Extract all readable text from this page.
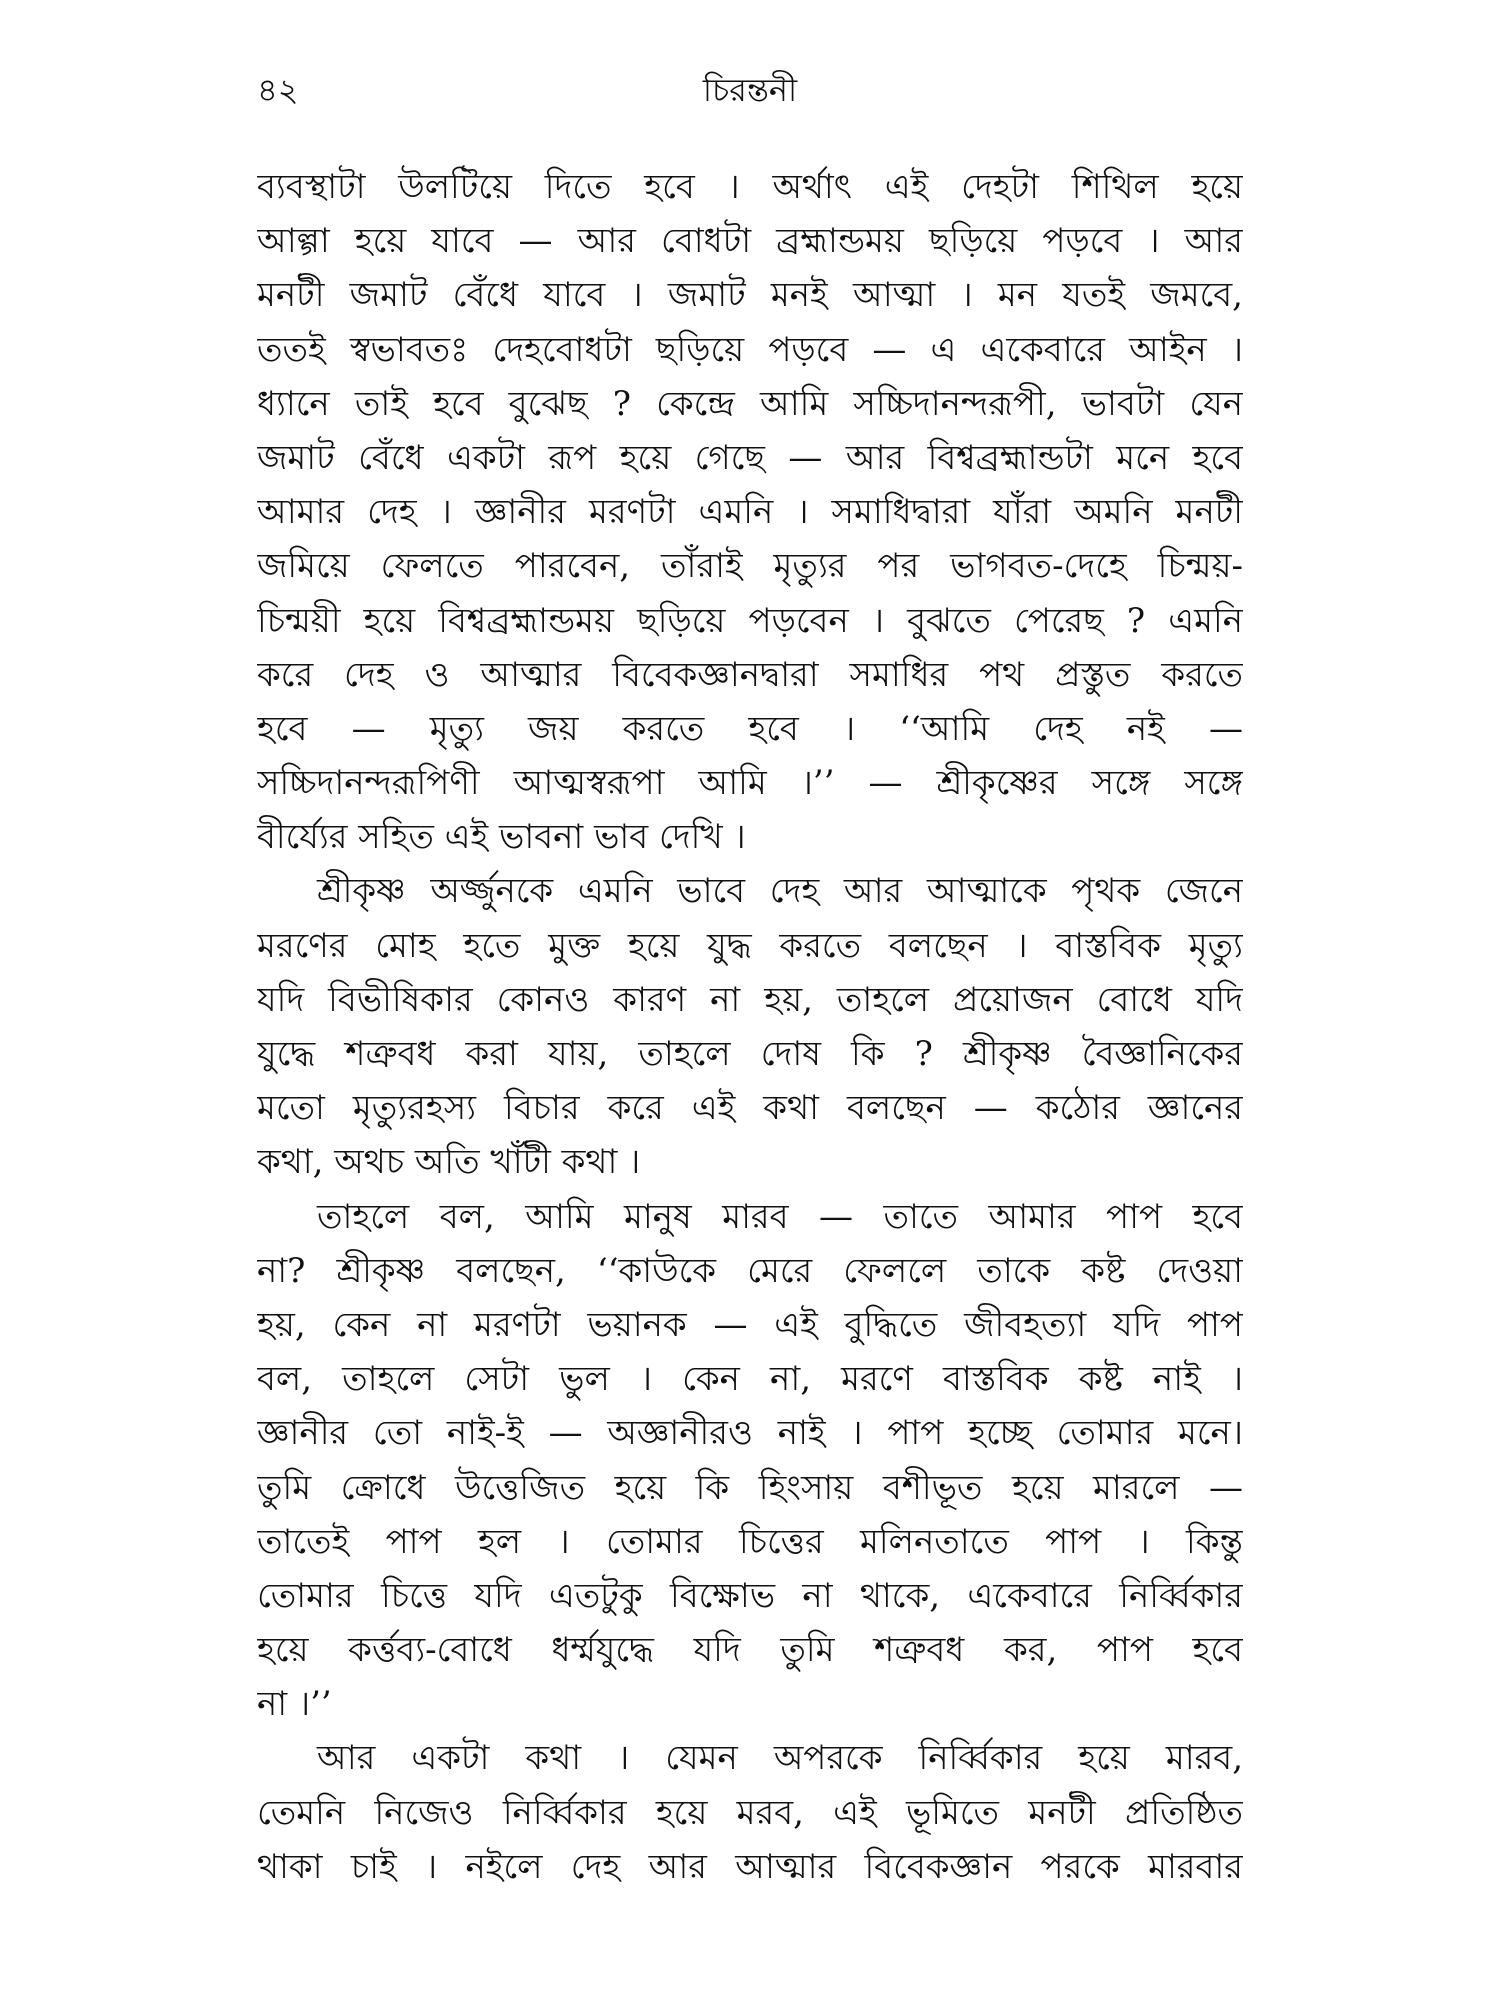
৪২	চিরন্তনী
ব্যবস্থাটা উলটিয়ে দিতে হবে । অর্থাৎ এই দেহটা শিথিল হয়ে
আল্গা হয়ে যাবে — আর বোধটা ব্রহ্মান্ডময় ছড়িয়ে পড়বে । আর
মনটী জমাট বেঁধে যাবে । জমাট মনই আত্মা । মন যতই জমবে,
ততই স্বভাবতঃ দেহবোধটা ছড়িয়ে পড়বে — এ একেবারে আইন ।
ধ্যানে তাই হবে বুঝেছ ? কেন্দ্রে আমি সচ্চিদানন্দরূপী, ভাবটা যেন
জমাট বেঁধে একটা রূপ হয়ে গেছে — আর বিশ্বব্রহ্মান্ডটা মনে হবে
আমার দেহ । জ্ঞানীর মরণটা এমনি । সমাধিদ্বারা যাঁরা অমনি মনটী
জমিয়ে ফেলতে পারবেন, তাঁরাই মৃত্যুর পর ভাগবত-দেহে চিন্ময়-
চিন্ময়ী হয়ে বিশ্বব্রহ্মান্ডময় ছড়িয়ে পড়বেন । বুঝতে পেরেছ ? এমনি
করে দেহ ও আত্মার বিবেকজ্ঞানদ্বারা সমাধির পথ প্রস্তুত করতে
হবে — মৃত্যু জয় করতে হবে । ‘‘আমি দেহ নই —
সচ্চিদানন্দরূপিণী আত্মস্বরূপা আমি ।’’ — শ্রীকৃষ্ণের সঙ্গে সঙ্গে
বীর্য্যের সহিত এই ভাবনা ভাব দেখি ।
শ্রীকৃষ্ণ অর্জ্জুনকে এমনি ভাবে দেহ আর আত্মাকে পৃথক জেনে
মরণের মোহ হতে মুক্ত হয়ে যুদ্ধ করতে বলছেন । বাস্তবিক মৃত্যু
যদি বিভীষিকার কোনও কারণ না হয়, তাহলে প্রয়োজন বোধে যদি
যুদ্ধে শত্রুবধ করা যায়, তাহলে দোষ কি ? শ্রীকৃষ্ণ বৈজ্ঞানিকের
মতো মৃত্যুরহস্য বিচার করে এই কথা বলছেন — কঠোর জ্ঞানের
কথা, অথচ অতি খাঁটী কথা ।
তাহলে বল, আমি মানুষ মারব — তাতে আমার পাপ হবে
না? শ্রীকৃষ্ণ বলছেন, ‘‘কাউকে মেরে ফেললে তাকে কষ্ট দেওয়া
হয়, কেন না মরণটা ভয়ানক — এই বুদ্ধিতে জীবহত্যা যদি পাপ
বল, তাহলে সেটা ভুল । কেন না, মরণে বাস্তবিক কষ্ট নাই ।
জ্ঞানীর তো নাই-ই — অজ্ঞানীরও নাই । পাপ হচ্ছে তোমার মনে।
তুমি ক্রোধে উত্তেজিত হয়ে কি হিংসায় বশীভূত হয়ে মারলে —
তাতেই পাপ হল । তোমার চিত্তের মলিনতাতে পাপ । কিন্তু
তোমার চিত্তে যদি এতটুকু বিক্ষোভ না থাকে, একেবারে নির্ব্বিকার
হয়ে কর্ত্তব্য-বোধে ধর্ম্মযুদ্ধে যদি তুমি শত্রুবধ কর, পাপ হবে
না ।’’
আর একটা কথা । যেমন অপরকে নির্ব্বিকার হয়ে মারব,
তেমনি নিজেও নির্ব্বিকার হয়ে মরব, এই ভূমিতে মনটী প্রতিষ্ঠিত
থাকা চাই । নইলে দেহ আর আত্মার বিবেকজ্ঞান পরকে মারবার
